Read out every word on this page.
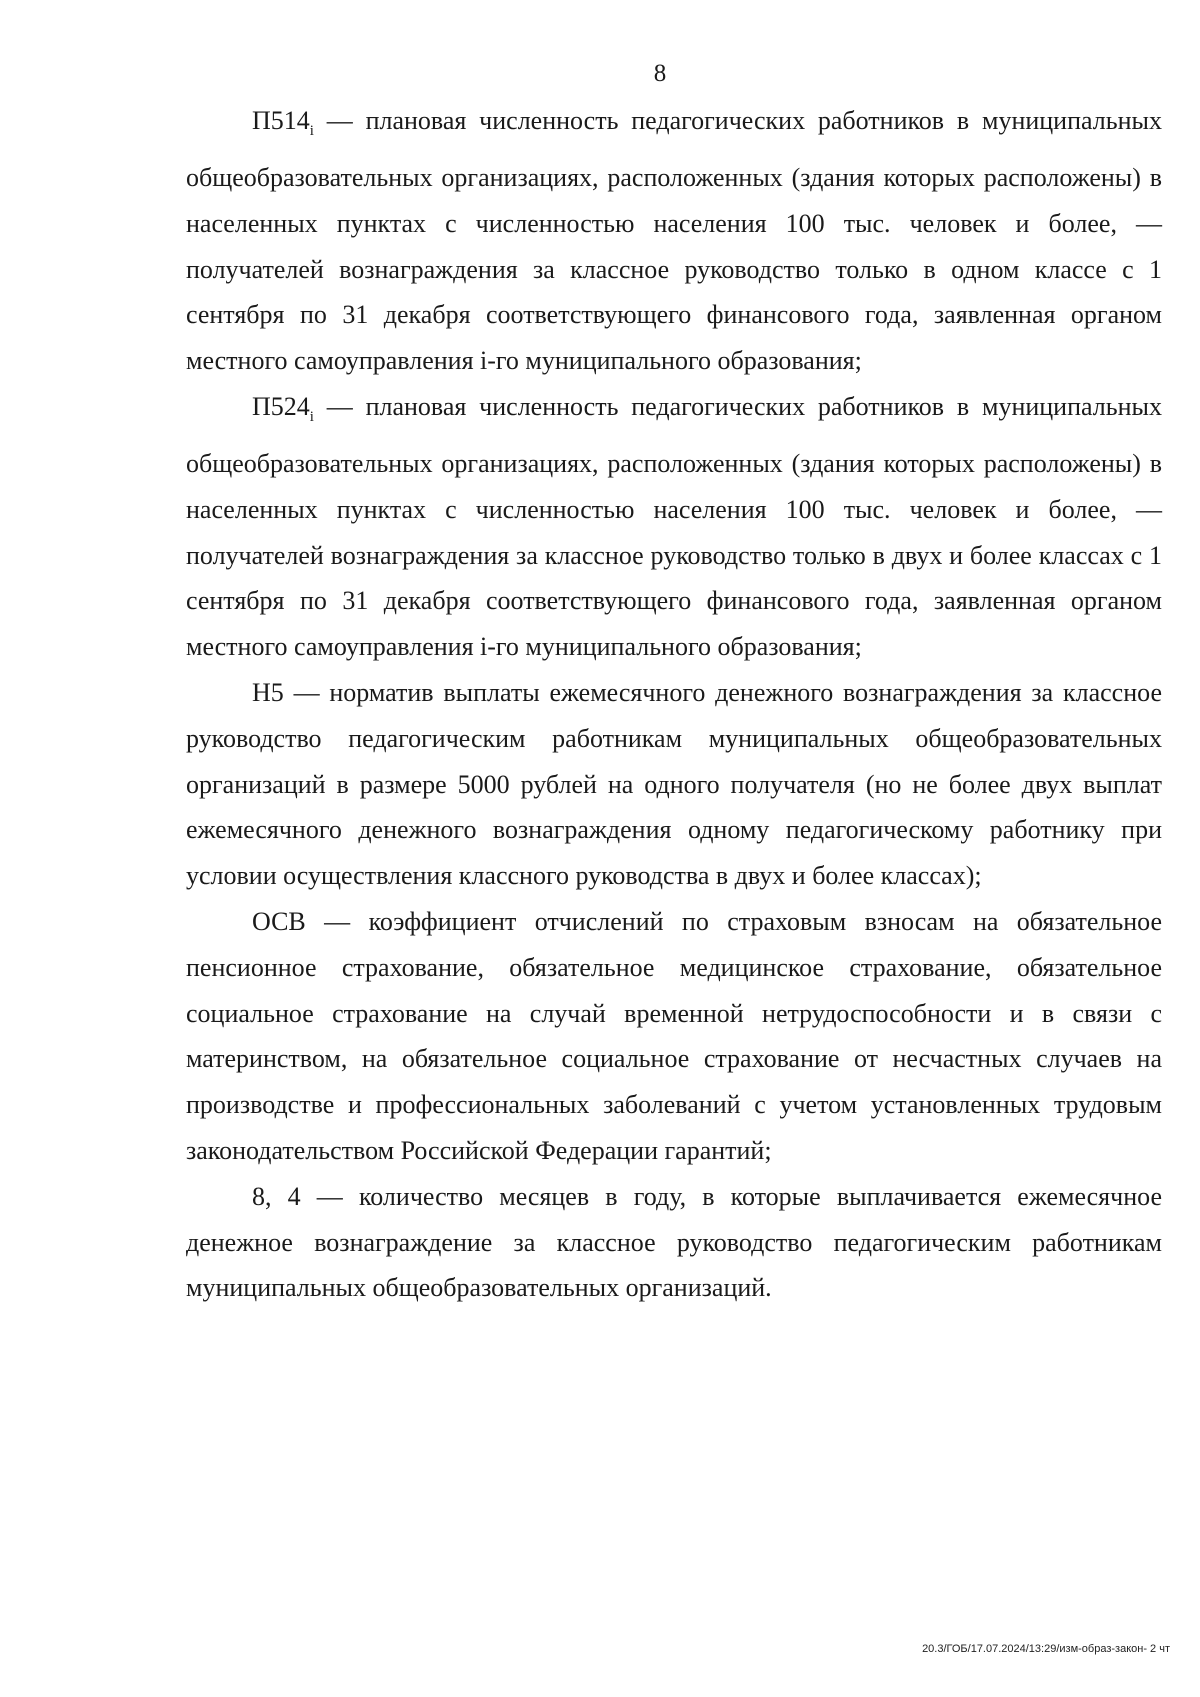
8

$П514_i$ — плановая численность педагогических работников в муниципальных общеобразовательных организациях, расположенных (здания которых расположены) в населенных пунктах с численностью населения 100 тыс. человек и более, — получателей вознаграждения за классное руководство только в одном классе с 1 сентября по 31 декабря соответствующего финансового года, заявленная органом местного самоуправления i-го муниципального образования;

$П524_i$ — плановая численность педагогических работников в муниципальных общеобразовательных организациях, расположенных (здания которых расположены) в населенных пунктах с численностью населения 100 тыс. человек и более, — получателей вознаграждения за классное руководство только в двух и более классах с 1 сентября по 31 декабря соответствующего финансового года, заявленная органом местного самоуправления i-го муниципального образования;

Н5 — норматив выплаты ежемесячного денежного вознаграждения за классное руководство педагогическим работникам муниципальных общеобразовательных организаций в размере 5000 рублей на одного получателя (но не более двух выплат ежемесячного денежного вознаграждения одному педагогическому работнику при условии осуществления классного руководства в двух и более классах);

ОСВ — коэффициент отчислений по страховым взносам на обязательное пенсионное страхование, обязательное медицинское страхование, обязательное социальное страхование на случай временной нетрудоспособности и в связи с материнством, на обязательное социальное страхование от несчастных случаев на производстве и профессиональных заболеваний с учетом установленных трудовым законодательством Российской Федерации гарантий;

8, 4 — количество месяцев в году, в которые выплачивается ежемесячное денежное вознаграждение за классное руководство педагогическим работникам муниципальных общеобразовательных организаций.

20.3/ГОБ/17.07.2024/13:29/изм-образ-закон- 2 чт
